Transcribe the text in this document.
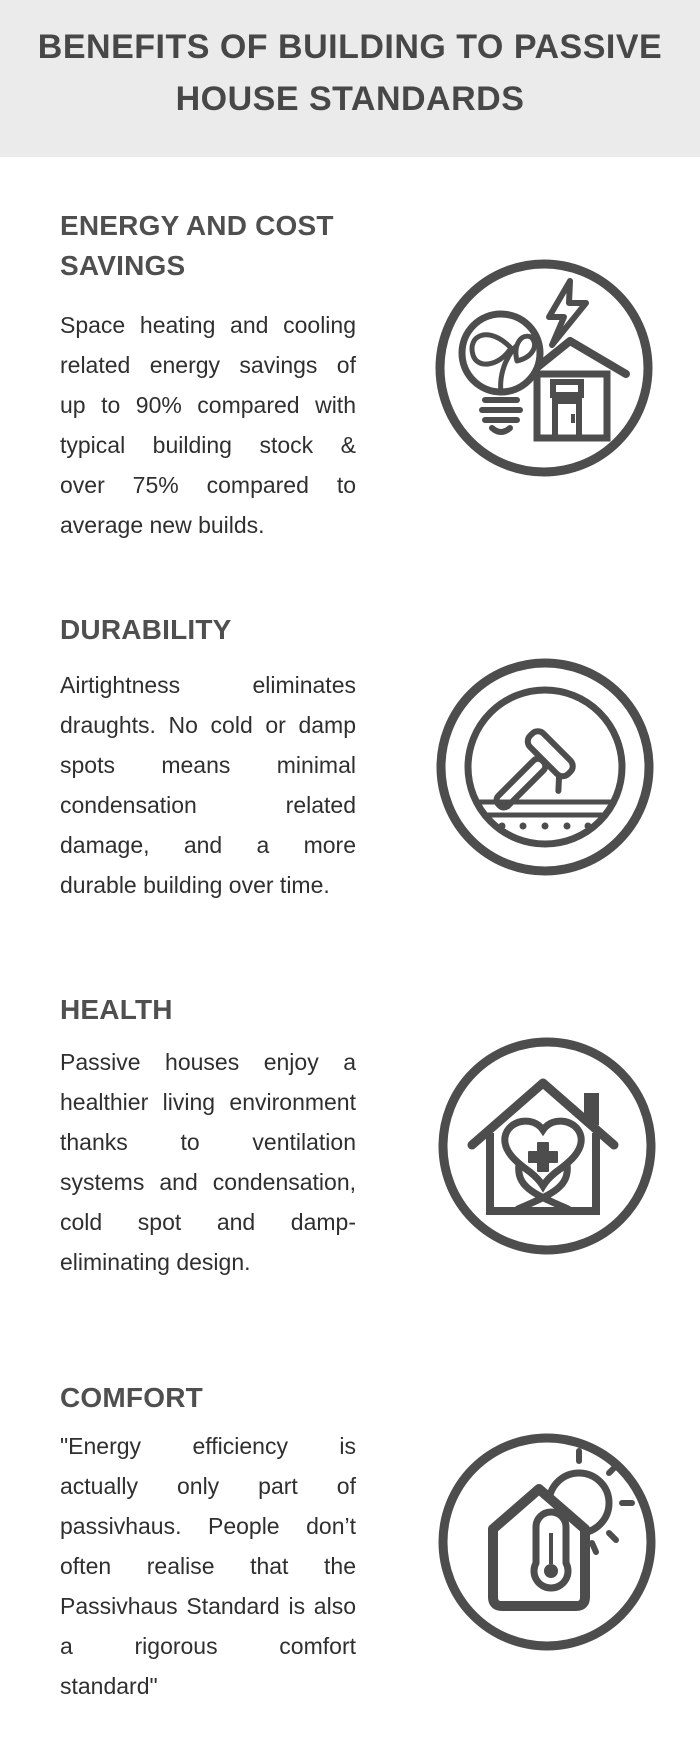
BENEFITS OF BUILDING TO PASSIVE
HOUSE STANDARDS
ENERGY AND COST SAVINGS
Space heating and cooling
related energy savings of
up to 90% compared with
typical building stock &
over 75% compared to
average new builds.
DURABILITY
Airtightness eliminates
draughts. No cold or damp
spots means minimal
condensation related
damage, and a more
durable building over time.
HEALTH
Passive houses enjoy a
healthier living environment
thanks to ventilation
systems and condensation,
cold spot and damp-
eliminating design.
COMFORT
"Energy efficiency is
actually only part of
passivhaus. People don’t
often realise that the
Passivhaus Standard is also
a rigorous comfort
standard"
